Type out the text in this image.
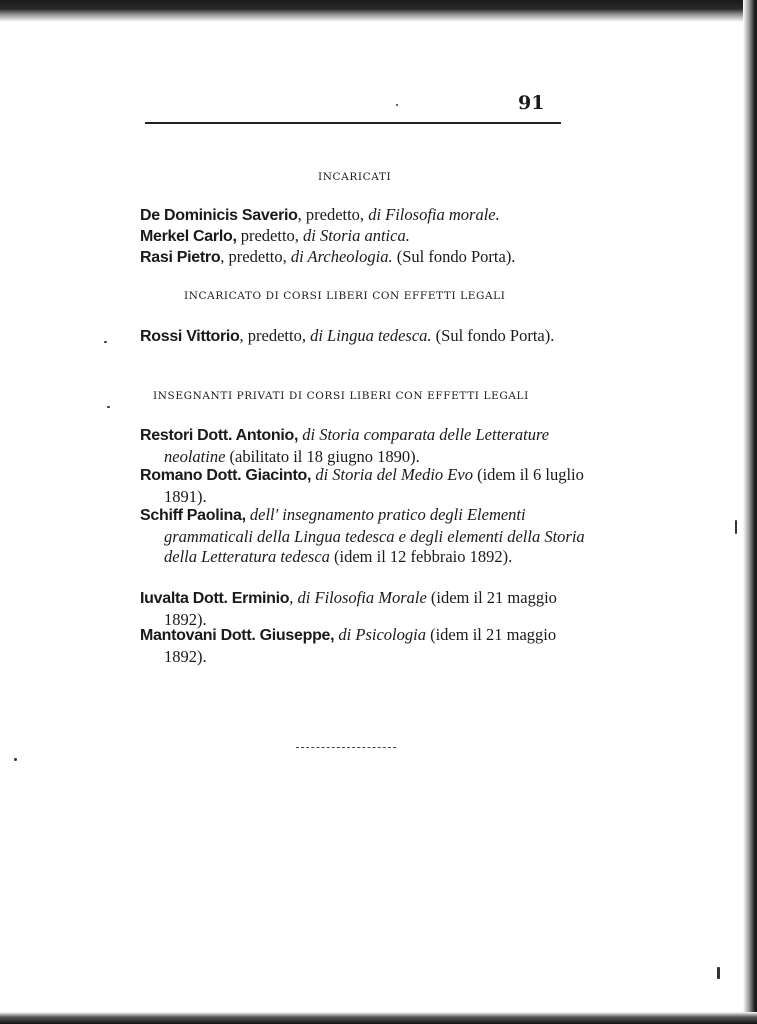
91
INCARICATI
De Dominicis Saverio, predetto, di Filosofia morale.
Merkel Carlo, predetto, di Storia antica.
Rasi Pietro, predetto, di Archeologia. (Sul fondo Porta).
INCARICATO DI CORSI LIBERI CON EFFETTI LEGALI
Rossi Vittorio, predetto, di Lingua tedesca. (Sul fondo Porta).
INSEGNANTI PRIVATI DI CORSI LIBERI CON EFFETTI LEGALI
Restori Dott. Antonio, di Storia comparata delle Letterature neolatine (abilitato il 18 giugno 1890).
Romano Dott. Giacinto, di Storia del Medio Evo (idem il 6 luglio 1891).
Schiff Paolina, dell' insegnamento pratico degli Elementi grammaticali della Lingua tedesca e degli elementi della Storia della Letteratura tedesca (idem il 12 febbraio 1892).
Iuvalta Dott. Erminio, di Filosofia Morale (idem il 21 maggio 1892).
Mantovani Dott. Giuseppe, di Psicologia (idem il 21 maggio 1892).
